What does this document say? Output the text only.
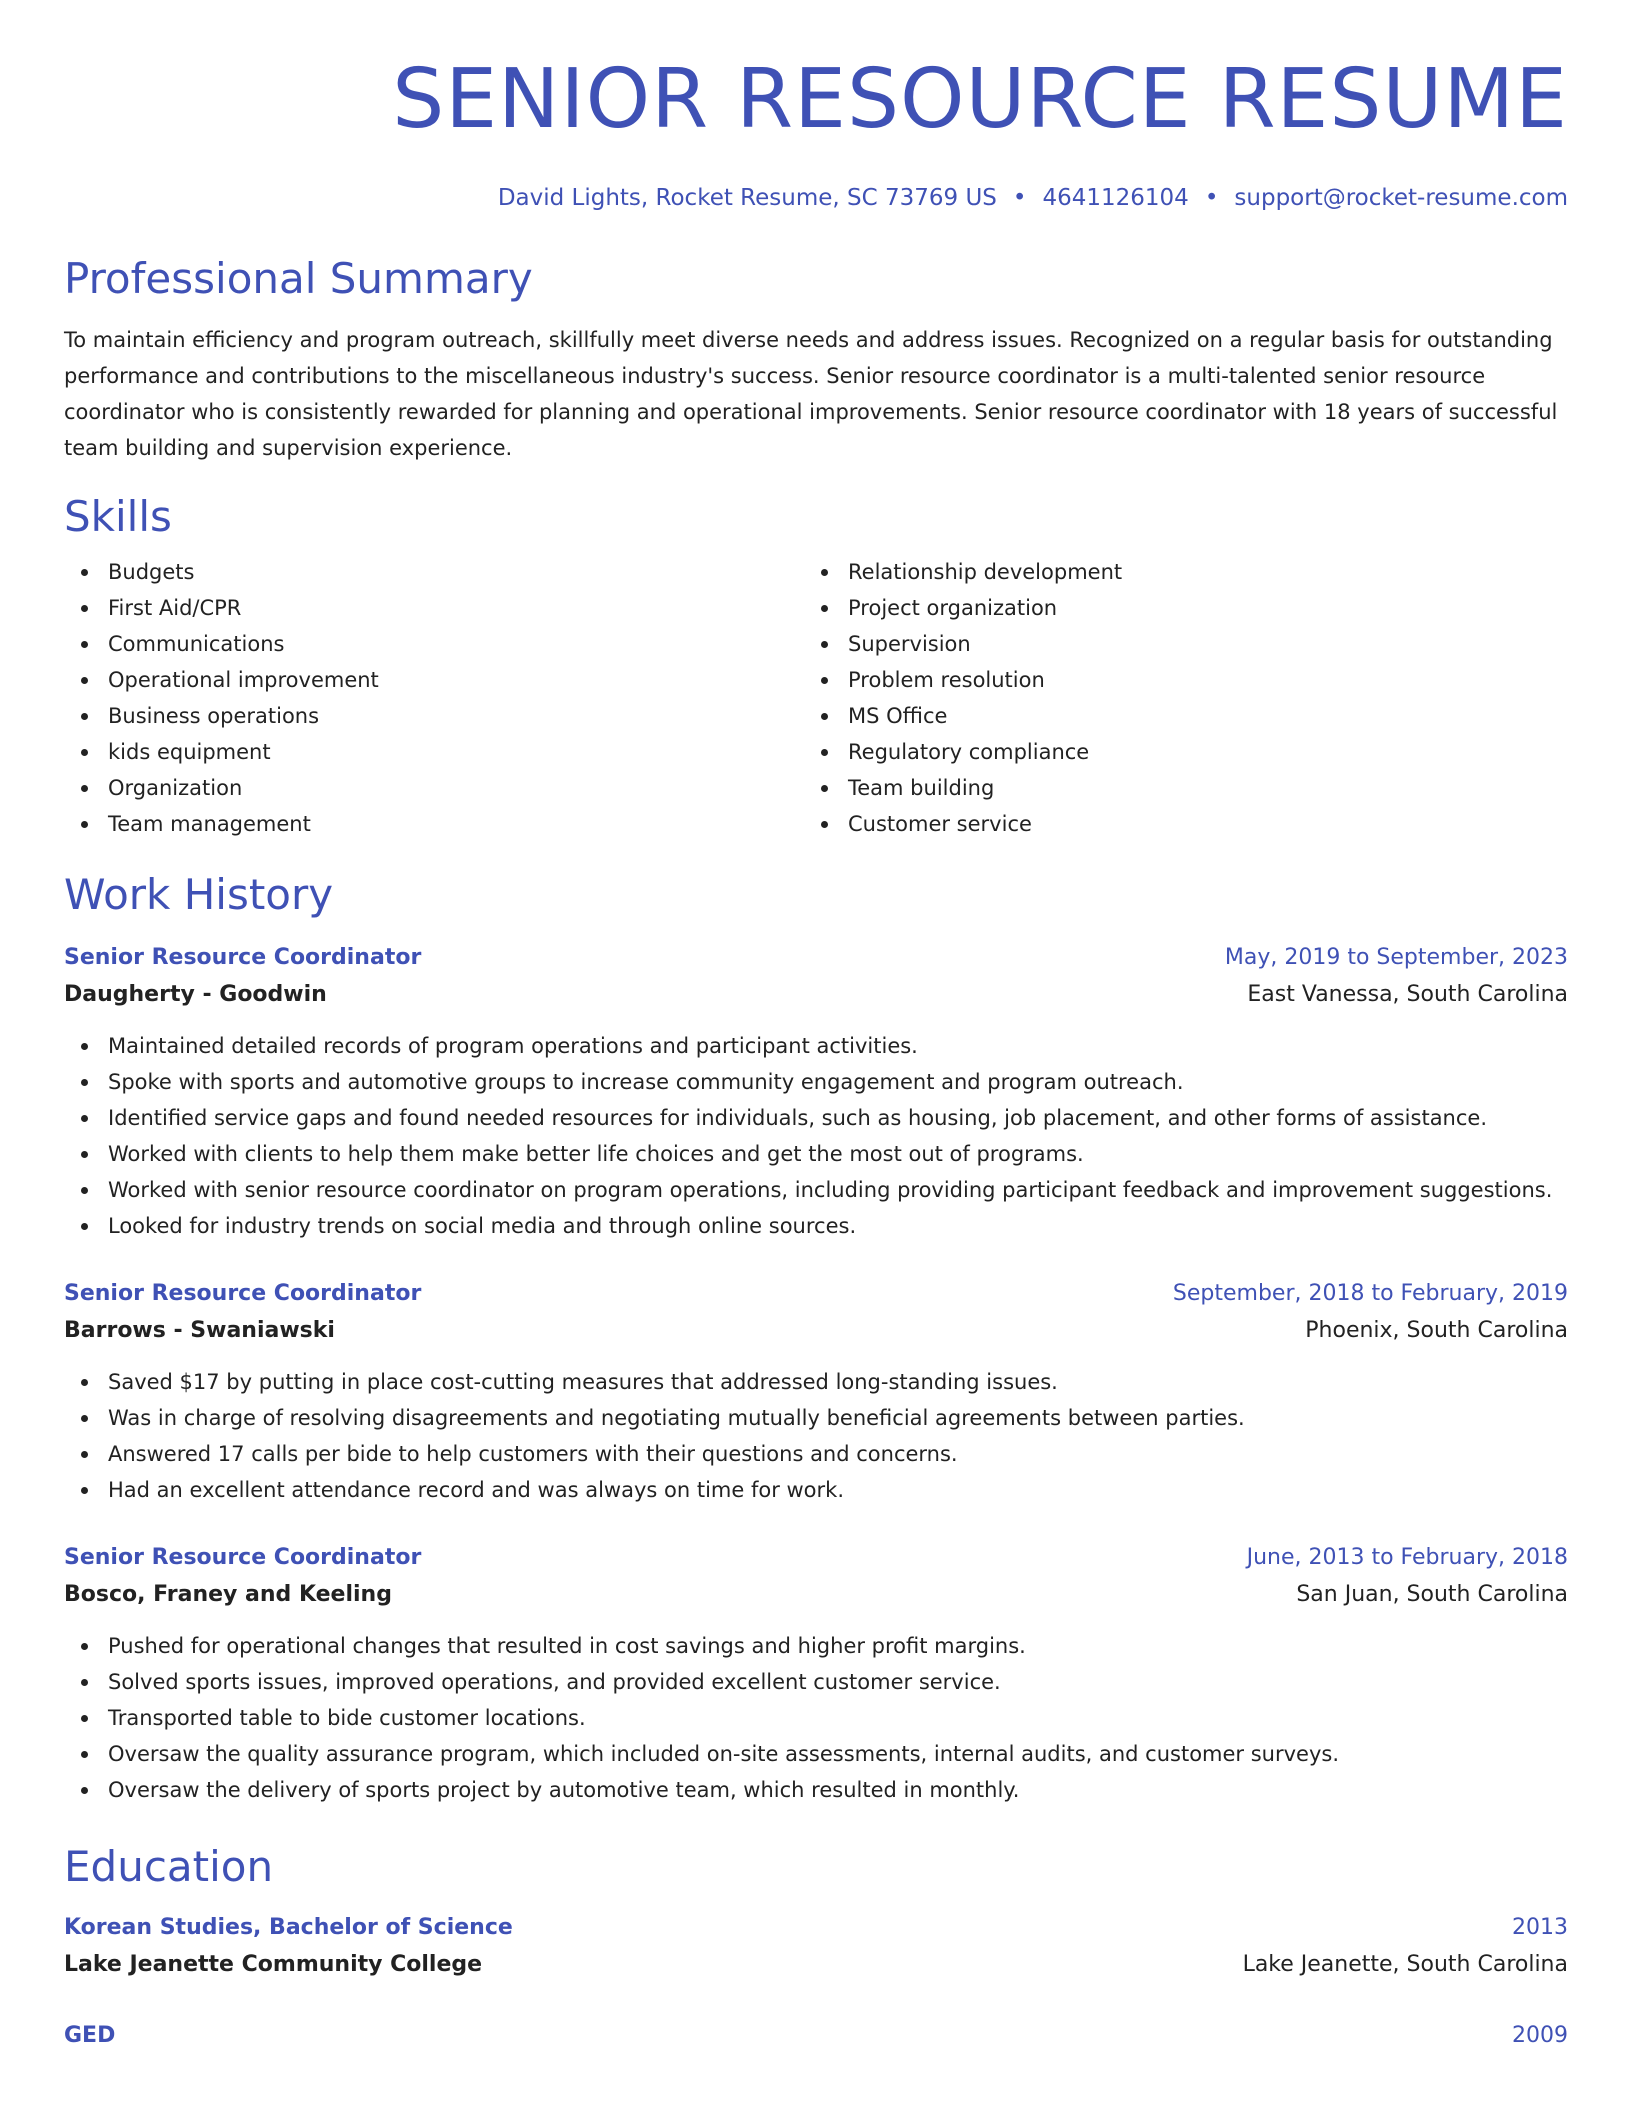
SENIOR RESOURCE RESUME
David Lights, Rocket Resume, SC 73769 US • 4641126104 • support@rocket-resume.com
Professional Summary
To maintain efficiency and program outreach, skillfully meet diverse needs and address issues. Recognized on a regular basis for outstanding performance and contributions to the miscellaneous industry's success. Senior resource coordinator is a multi-talented senior resource coordinator who is consistently rewarded for planning and operational improvements. Senior resource coordinator with 18 years of successful team building and supervision experience.
Skills
Budgets
First Aid/CPR
Communications
Operational improvement
Business operations
kids equipment
Organization
Team management
Relationship development
Project organization
Supervision
Problem resolution
MS Office
Regulatory compliance
Team building
Customer service
Work History
Senior Resource Coordinator	May, 2019 to September, 2023
Daugherty - Goodwin	East Vanessa, South Carolina
Maintained detailed records of program operations and participant activities.
Spoke with sports and automotive groups to increase community engagement and program outreach.
Identified service gaps and found needed resources for individuals, such as housing, job placement, and other forms of assistance.
Worked with clients to help them make better life choices and get the most out of programs.
Worked with senior resource coordinator on program operations, including providing participant feedback and improvement suggestions.
Looked for industry trends on social media and through online sources.
Senior Resource Coordinator	September, 2018 to February, 2019
Barrows - Swaniawski	Phoenix, South Carolina
Saved $17 by putting in place cost-cutting measures that addressed long-standing issues.
Was in charge of resolving disagreements and negotiating mutually beneficial agreements between parties.
Answered 17 calls per bide to help customers with their questions and concerns.
Had an excellent attendance record and was always on time for work.
Senior Resource Coordinator	June, 2013 to February, 2018
Bosco, Franey and Keeling	San Juan, South Carolina
Pushed for operational changes that resulted in cost savings and higher profit margins.
Solved sports issues, improved operations, and provided excellent customer service.
Transported table to bide customer locations.
Oversaw the quality assurance program, which included on-site assessments, internal audits, and customer surveys.
Oversaw the delivery of sports project by automotive team, which resulted in monthly.
Education
Korean Studies, Bachelor of Science	2013
Lake Jeanette Community College	Lake Jeanette, South Carolina
GED	2009
